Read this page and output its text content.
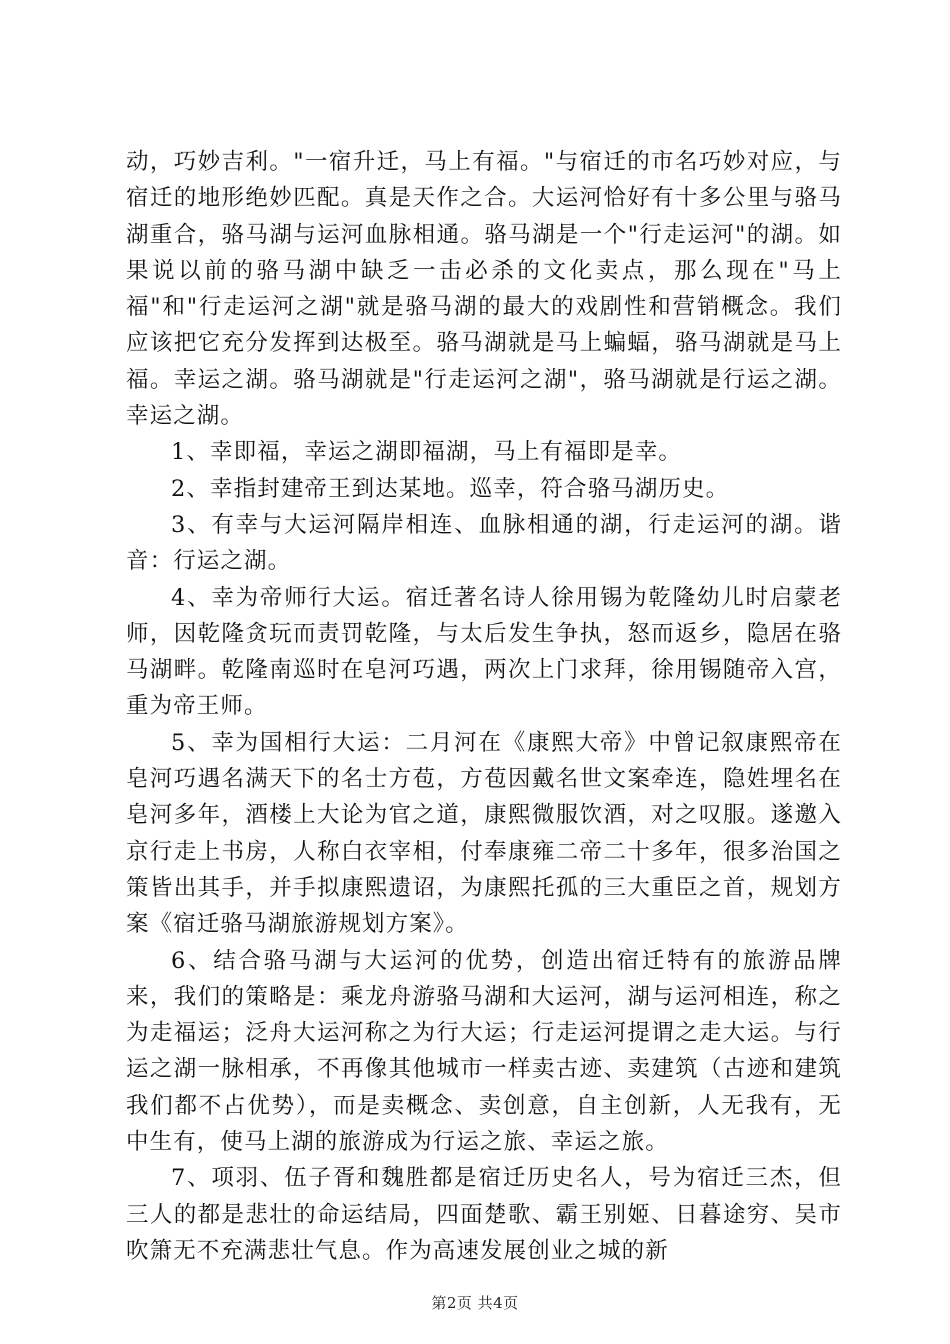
动，巧妙吉利。"一宿升迁，马上有福。"与宿迁的市名巧妙对应，与宿迁的地形绝妙匹配。真是天作之合。大运河恰好有十多公里与骆马湖重合，骆马湖与运河血脉相通。骆马湖是一个"行走运河"的湖。如果说以前的骆马湖中缺乏一击必杀的文化卖点，那么现在"马上福"和"行走运河之湖"就是骆马湖的最大的戏剧性和营销概念。我们应该把它充分发挥到达极至。骆马湖就是马上蝙蝠，骆马湖就是马上福。幸运之湖。骆马湖就是"行走运河之湖"，骆马湖就是行运之湖。幸运之湖。

1、幸即福，幸运之湖即福湖，马上有福即是幸。

2、幸指封建帝王到达某地。巡幸，符合骆马湖历史。

3、有幸与大运河隔岸相连、血脉相通的湖，行走运河的湖。谐音：行运之湖。

4、幸为帝师行大运。宿迁著名诗人徐用锡为乾隆幼儿时启蒙老师，因乾隆贪玩而责罚乾隆，与太后发生争执，怒而返乡，隐居在骆马湖畔。乾隆南巡时在皂河巧遇，两次上门求拜，徐用锡随帝入宫，重为帝王师。

5、幸为国相行大运：二月河在《康熙大帝》中曾记叙康熙帝在皂河巧遇名满天下的名士方苞，方苞因戴名世文案牵连，隐姓埋名在皂河多年，酒楼上大论为官之道，康熙微服饮酒，对之叹服。遂邀入京行走上书房，人称白衣宰相，付奉康雍二帝二十多年，很多治国之策皆出其手，并手拟康熙遗诏，为康熙托孤的三大重臣之首，规划方案《宿迁骆马湖旅游规划方案》。

6、结合骆马湖与大运河的优势，创造出宿迁特有的旅游品牌来，我们的策略是：乘龙舟游骆马湖和大运河，湖与运河相连，称之为走福运；泛舟大运河称之为行大运；行走运河提谓之走大运。与行运之湖一脉相承，不再像其他城市一样卖古迹、卖建筑（古迹和建筑我们都不占优势），而是卖概念、卖创意，自主创新，人无我有，无中生有，使马上湖的旅游成为行运之旅、幸运之旅。

7、项羽、伍子胥和魏胜都是宿迁历史名人，号为宿迁三杰，但三人的都是悲壮的命运结局，四面楚歌、霸王别姬、日暮途穷、吴市吹箫无不充满悲壮气息。作为高速发展创业之城的新

第2页 共4页
